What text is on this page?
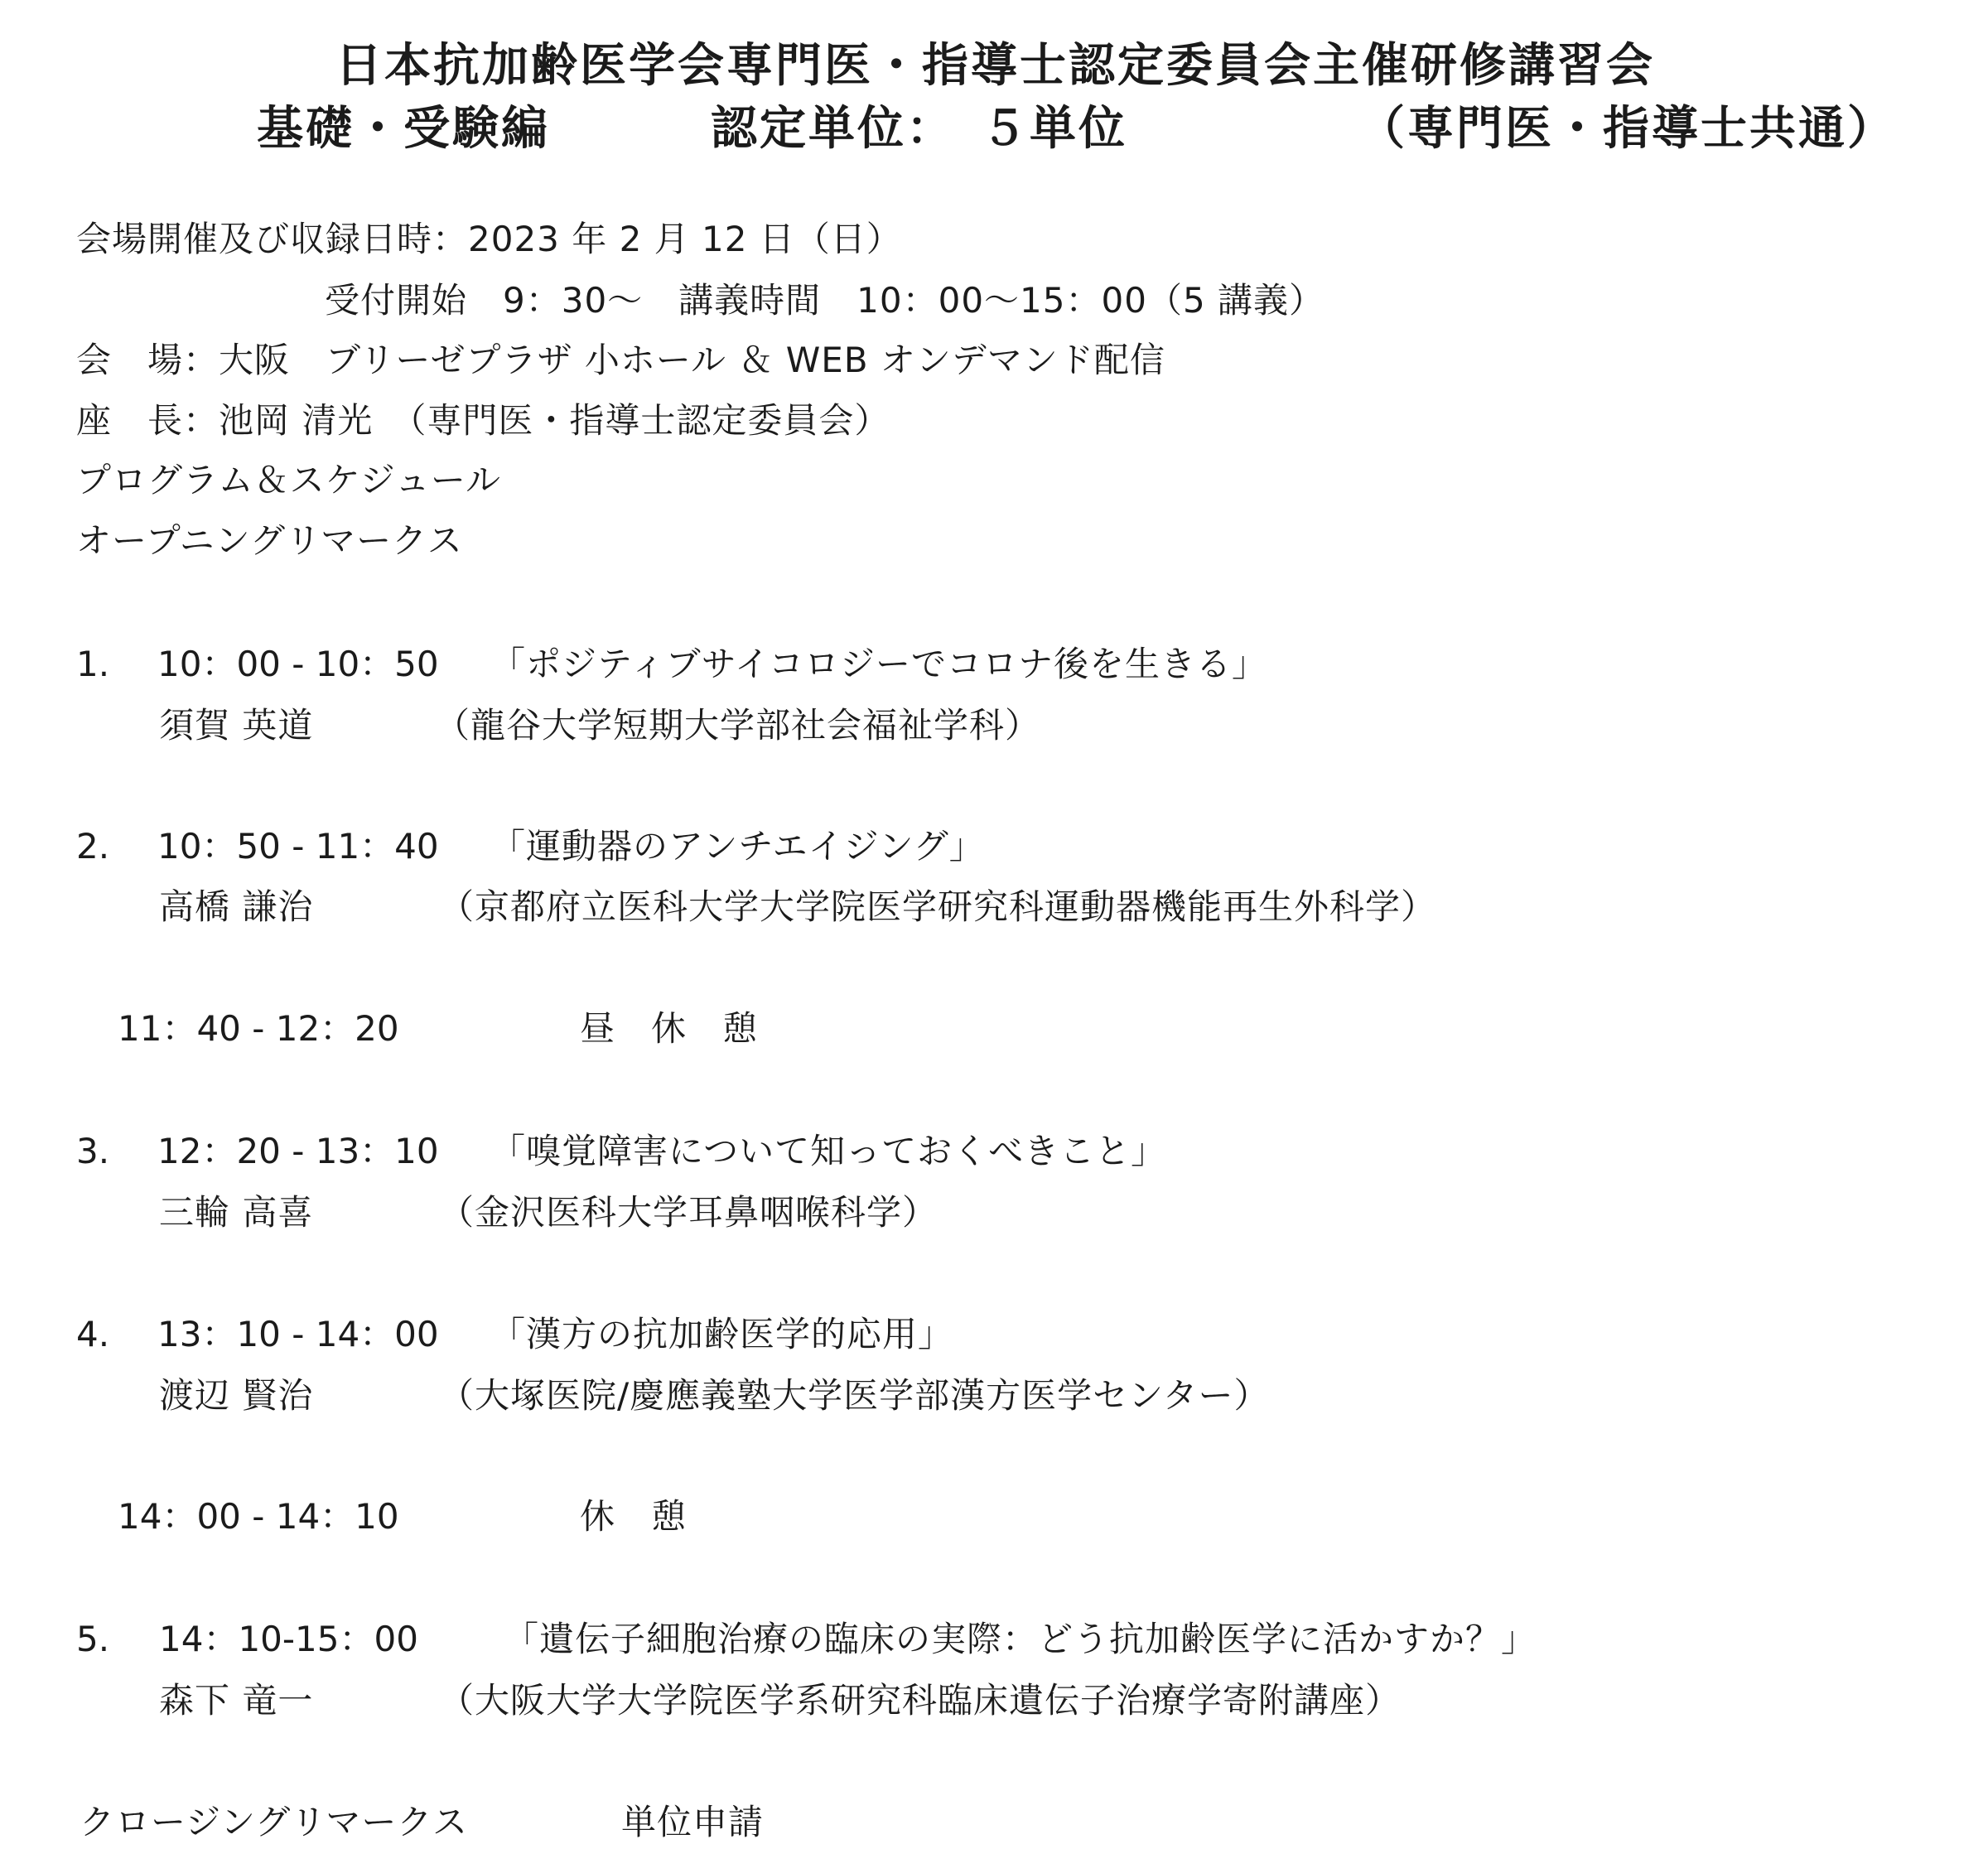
日本抗加齢医学会専門医・指導士認定委員会主催研修講習会
基礎・受験編	認定単位：　５単位	（専門医・指導士共通）
会場開催及び収録日時：2023 年 2 月 12 日（日）
受付開始　9：30～　講義時間　10：00～15：00（5 講義）
会　場：大阪　ブリーゼプラザ 小ホール ＆ WEB オンデマンド配信
座　長：池岡 清光　（専門医・指導士認定委員会）
プログラム＆スケジュール
オープニングリマークス
1. 10：00 - 10：50 「ポジティブサイコロジーでコロナ後を生きる」
須賀 英道	（龍谷大学短期大学部社会福祉学科）
2. 10：50 - 11：40 「運動器のアンチエイジング」
高橋 謙治	（京都府立医科大学大学院医学研究科運動器機能再生外科学）
11：40 - 12：20	昼　休　憩
3. 12：20 - 13：10 「嗅覚障害について知っておくべきこと」
三輪 高喜	（金沢医科大学耳鼻咽喉科学）
4. 13：10 - 14：00 「漢方の抗加齢医学的応用」
渡辺 賢治	（大塚医院/慶應義塾大学医学部漢方医学センター）
14：00 - 14：10	休　憩
5. 14：10-15：00 「遺伝子細胞治療の臨床の実際：どう抗加齢医学に活かすか？」
森下 竜一	（大阪大学大学院医学系研究科臨床遺伝子治療学寄附講座）
クロージングリマークス	単位申請
